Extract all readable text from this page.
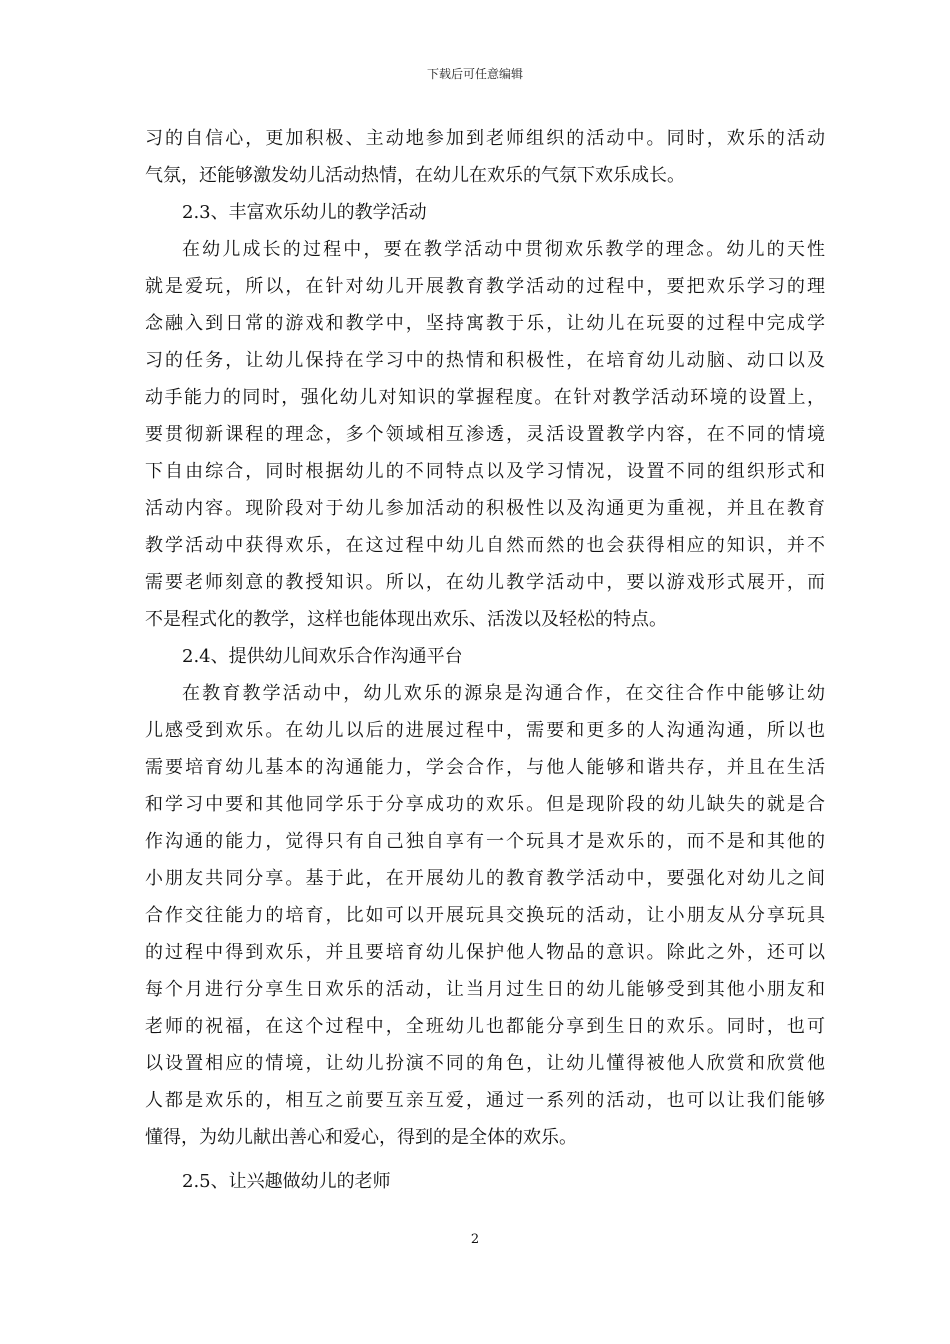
下载后可任意编辑
习的自信心，更加积极、主动地参加到老师组织的活动中。同时，欢乐的活动
气氛，还能够激发幼儿活动热情，在幼儿在欢乐的气氛下欢乐成长。
2.3、丰富欢乐幼儿的教学活动
在幼儿成长的过程中，要在教学活动中贯彻欢乐教学的理念。幼儿的天性
就是爱玩，所以，在针对幼儿开展教育教学活动的过程中，要把欢乐学习的理
念融入到日常的游戏和教学中，坚持寓教于乐，让幼儿在玩耍的过程中完成学
习的任务，让幼儿保持在学习中的热情和积极性，在培育幼儿动脑、动口以及
动手能力的同时，强化幼儿对知识的掌握程度。在针对教学活动环境的设置上，
要贯彻新课程的理念，多个领域相互渗透，灵活设置教学内容，在不同的情境
下自由综合，同时根据幼儿的不同特点以及学习情况，设置不同的组织形式和
活动内容。现阶段对于幼儿参加活动的积极性以及沟通更为重视，并且在教育
教学活动中获得欢乐，在这过程中幼儿自然而然的也会获得相应的知识，并不
需要老师刻意的教授知识。所以，在幼儿教学活动中，要以游戏形式展开，而
不是程式化的教学，这样也能体现出欢乐、活泼以及轻松的特点。
2.4、提供幼儿间欢乐合作沟通平台
在教育教学活动中，幼儿欢乐的源泉是沟通合作，在交往合作中能够让幼
儿感受到欢乐。在幼儿以后的进展过程中，需要和更多的人沟通沟通，所以也
需要培育幼儿基本的沟通能力，学会合作，与他人能够和谐共存，并且在生活
和学习中要和其他同学乐于分享成功的欢乐。但是现阶段的幼儿缺失的就是合
作沟通的能力，觉得只有自己独自享有一个玩具才是欢乐的，而不是和其他的
小朋友共同分享。基于此，在开展幼儿的教育教学活动中，要强化对幼儿之间
合作交往能力的培育，比如可以开展玩具交换玩的活动，让小朋友从分享玩具
的过程中得到欢乐，并且要培育幼儿保护他人物品的意识。除此之外，还可以
每个月进行分享生日欢乐的活动，让当月过生日的幼儿能够受到其他小朋友和
老师的祝福，在这个过程中，全班幼儿也都能分享到生日的欢乐。同时，也可
以设置相应的情境，让幼儿扮演不同的角色，让幼儿懂得被他人欣赏和欣赏他
人都是欢乐的，相互之前要互亲互爱，通过一系列的活动，也可以让我们能够
懂得，为幼儿献出善心和爱心，得到的是全体的欢乐。
2.5、让兴趣做幼儿的老师
2
